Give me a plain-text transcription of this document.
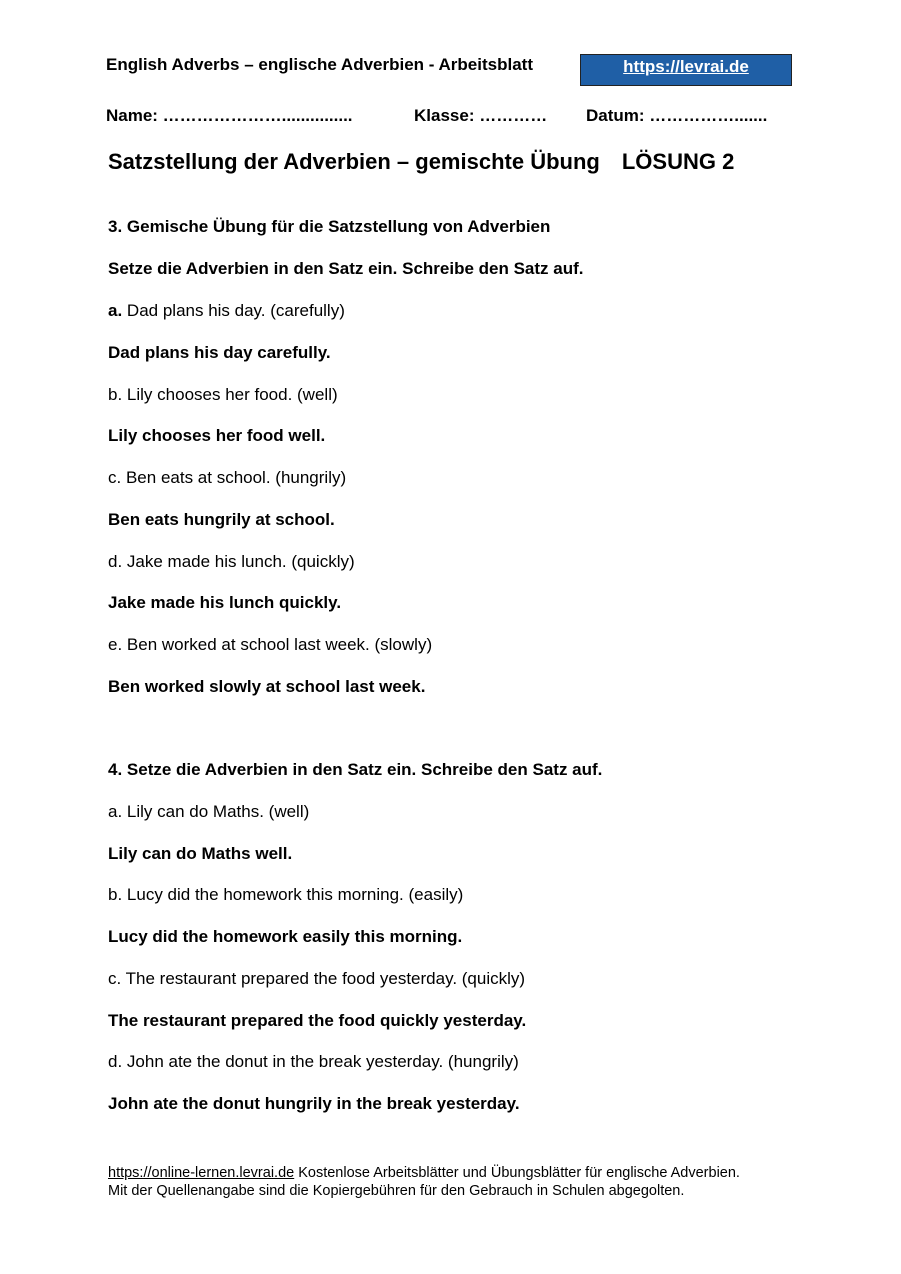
English Adverbs – englische Adverbien - Arbeitsblatt	https://levrai.de
Name: …………………...............	Klasse: ………… Datum: …………….......
Satzstellung der Adverbien – gemischte Übung LÖSUNG 2
3. Gemische Übung für die Satzstellung von Adverbien
Setze die Adverbien in den Satz ein. Schreibe den Satz auf.
a. Dad plans his day. (carefully)
Dad plans his day carefully.
b. Lily chooses her food. (well)
Lily chooses her food well.
c. Ben eats at school. (hungrily)
Ben eats hungrily at school.
d. Jake made his lunch. (quickly)
Jake made his lunch quickly.
e. Ben worked at school last week. (slowly)
Ben worked slowly at school last week.
4. Setze die Adverbien in den Satz ein. Schreibe den Satz auf.
a. Lily can do Maths. (well)
Lily can do Maths well.
b. Lucy did the homework this morning. (easily)
Lucy did the homework easily this morning.
c. The restaurant prepared the food yesterday. (quickly)
The restaurant prepared the food quickly yesterday.
d. John ate the donut in the break yesterday. (hungrily)
John ate the donut hungrily in the break yesterday.
https://online-lernen.levrai.de Kostenlose Arbeitsblätter und Übungsblätter für englische Adverbien.
Mit der Quellenangabe sind die Kopiergebühren für den Gebrauch in Schulen abgegolten.
